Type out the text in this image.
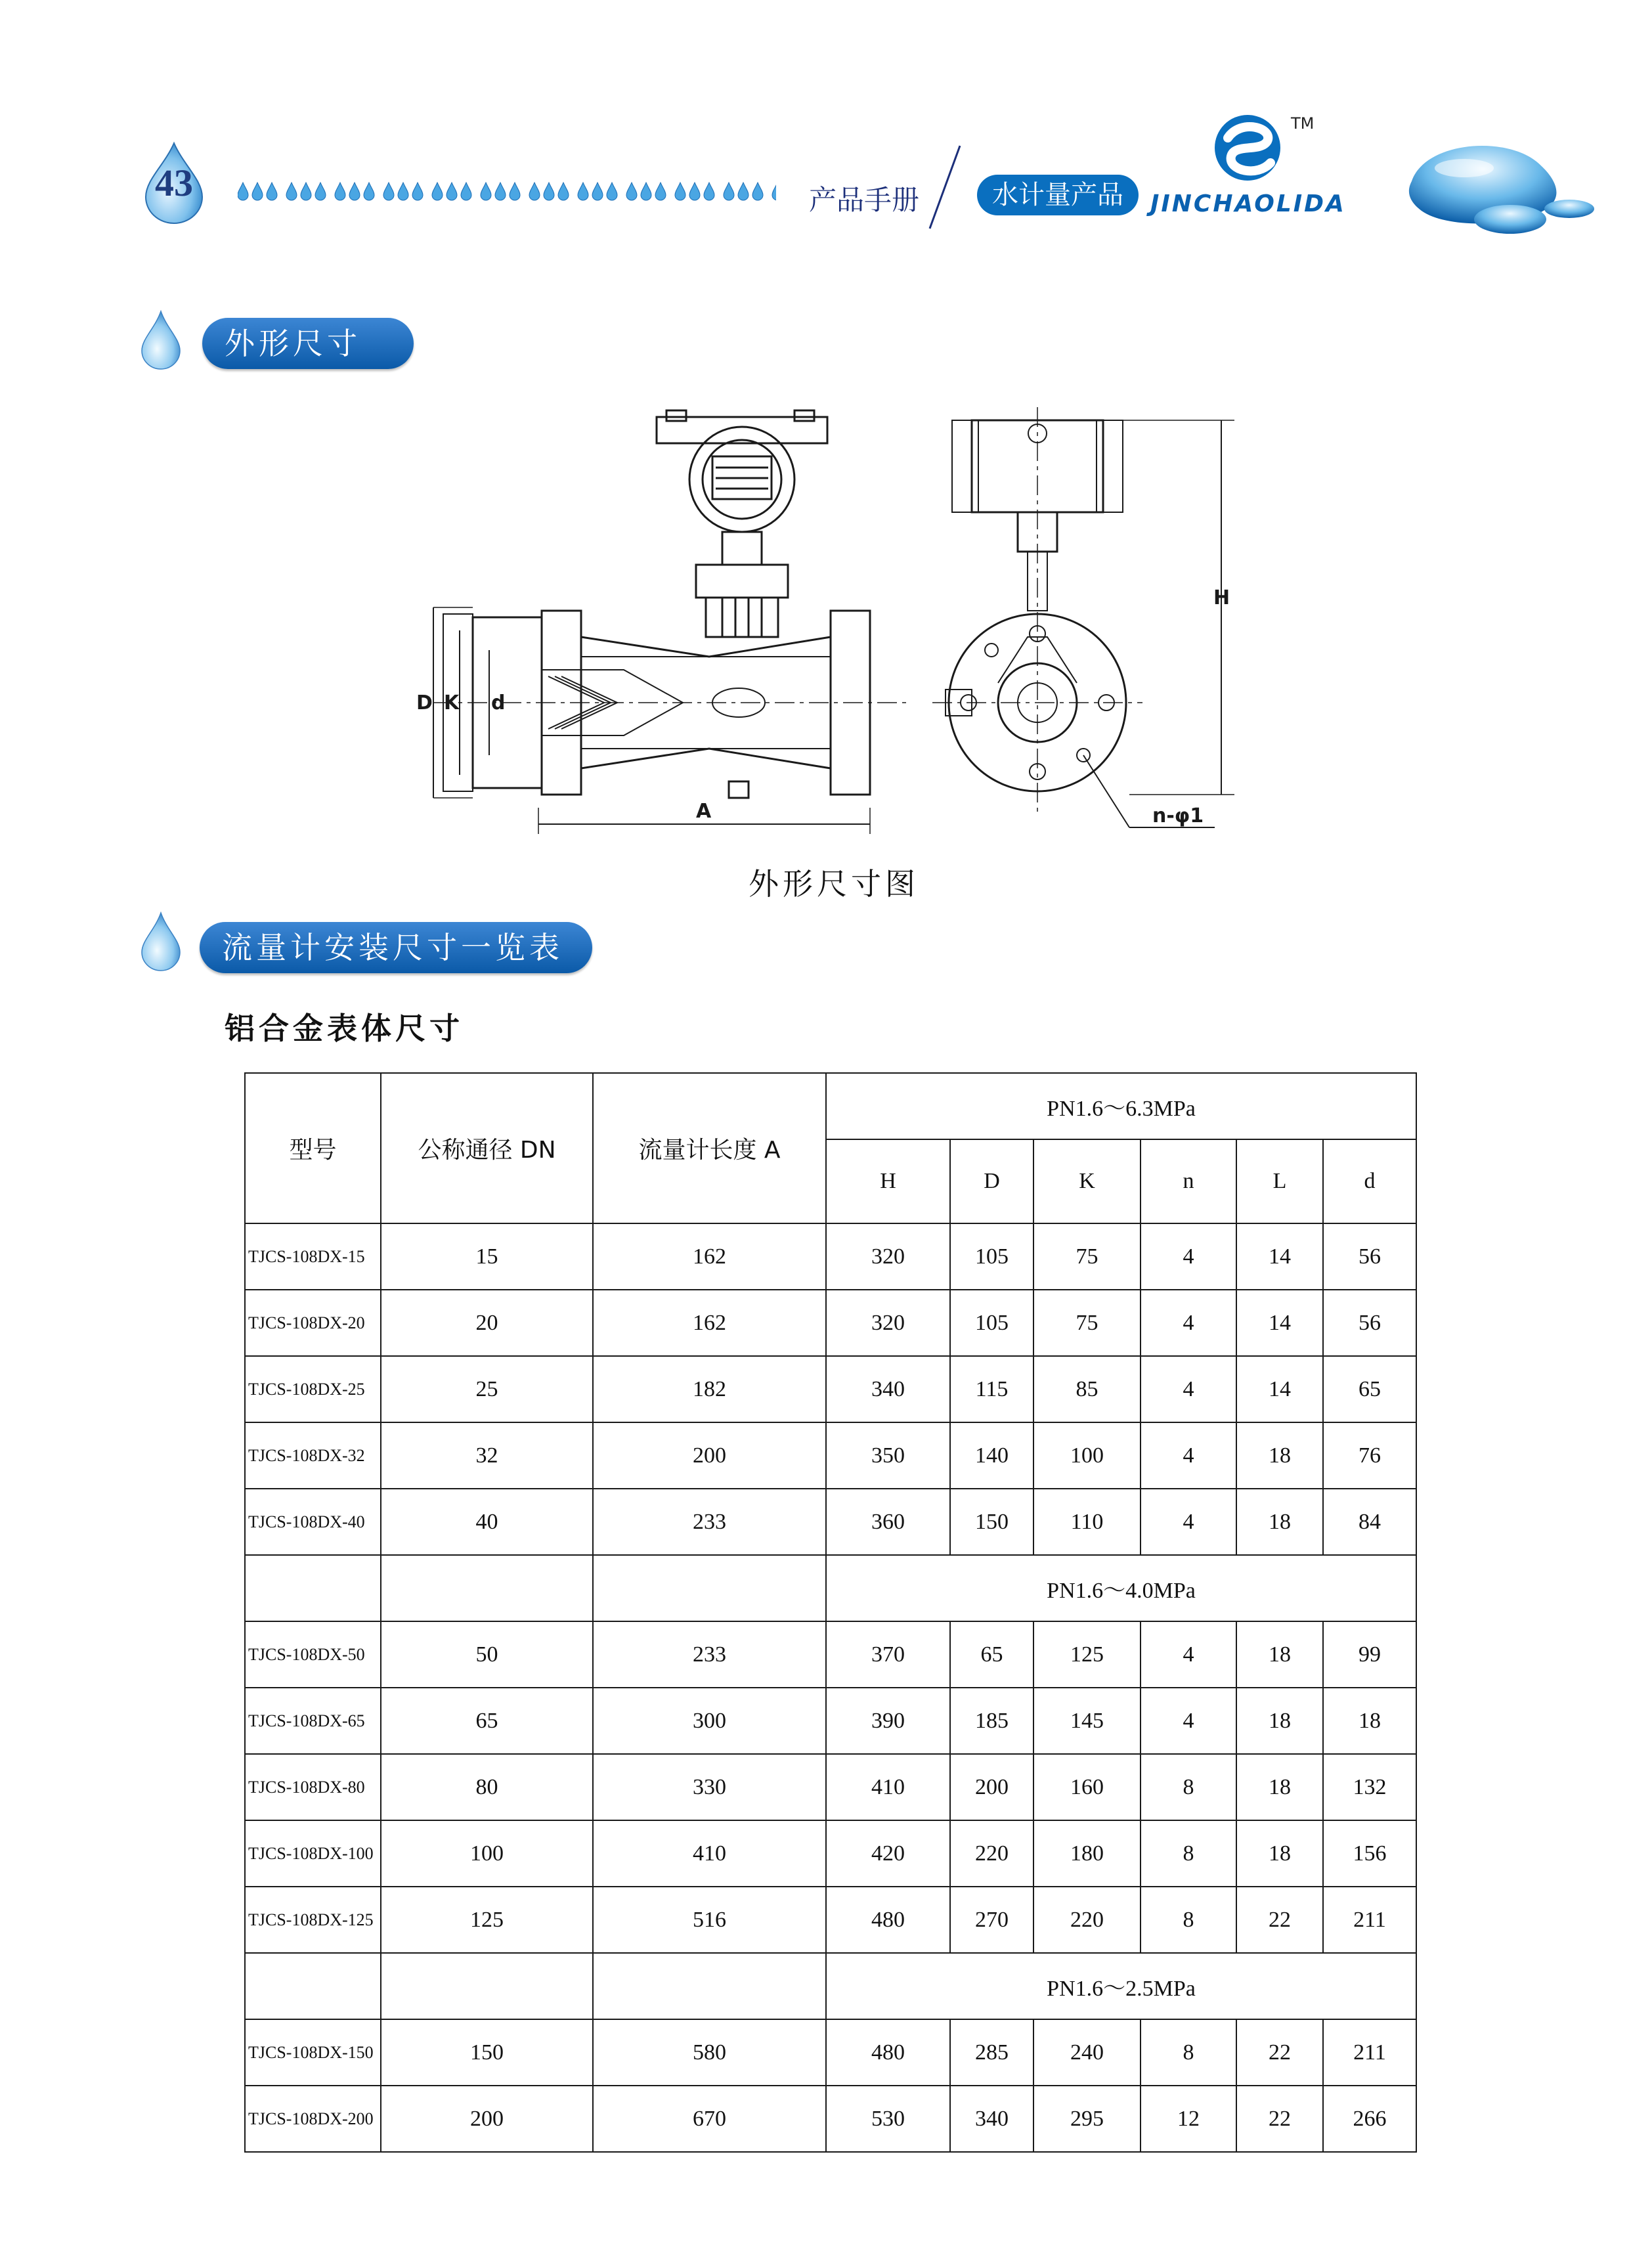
43	产品手册	水计量产品
TM
JINCHAOLIDA
外形尺寸
D K d
A
H
n-φ1
外形尺寸图
流量计安装尺寸一览表
铝合金表体尺寸
型号	公称通径 DN	流量计长度 A	PN1.6～6.3MPa					
			H	D	K	n	L	d
TJCS-108DX-15	15	162	320	105	75	4	14	56
TJCS-108DX-20	20	162	320	105	75	4	14	56
TJCS-108DX-25	25	182	340	115	85	4	14	65
TJCS-108DX-32	32	200	350	140	100	4	18	76
TJCS-108DX-40	40	233	360	150	110	4	18	84
			PN1.6～4.0MPa					
TJCS-108DX-50	50	233	370	65	125	4	18	99
TJCS-108DX-65	65	300	390	185	145	4	18	18
TJCS-108DX-80	80	330	410	200	160	8	18	132
TJCS-108DX-100	100	410	420	220	180	8	18	156
TJCS-108DX-125	125	516	480	270	220	8	22	211
			PN1.6～2.5MPa					
TJCS-108DX-150	150	580	480	285	240	8	22	211
TJCS-108DX-200	200	670	530	340	295	12	22	266
